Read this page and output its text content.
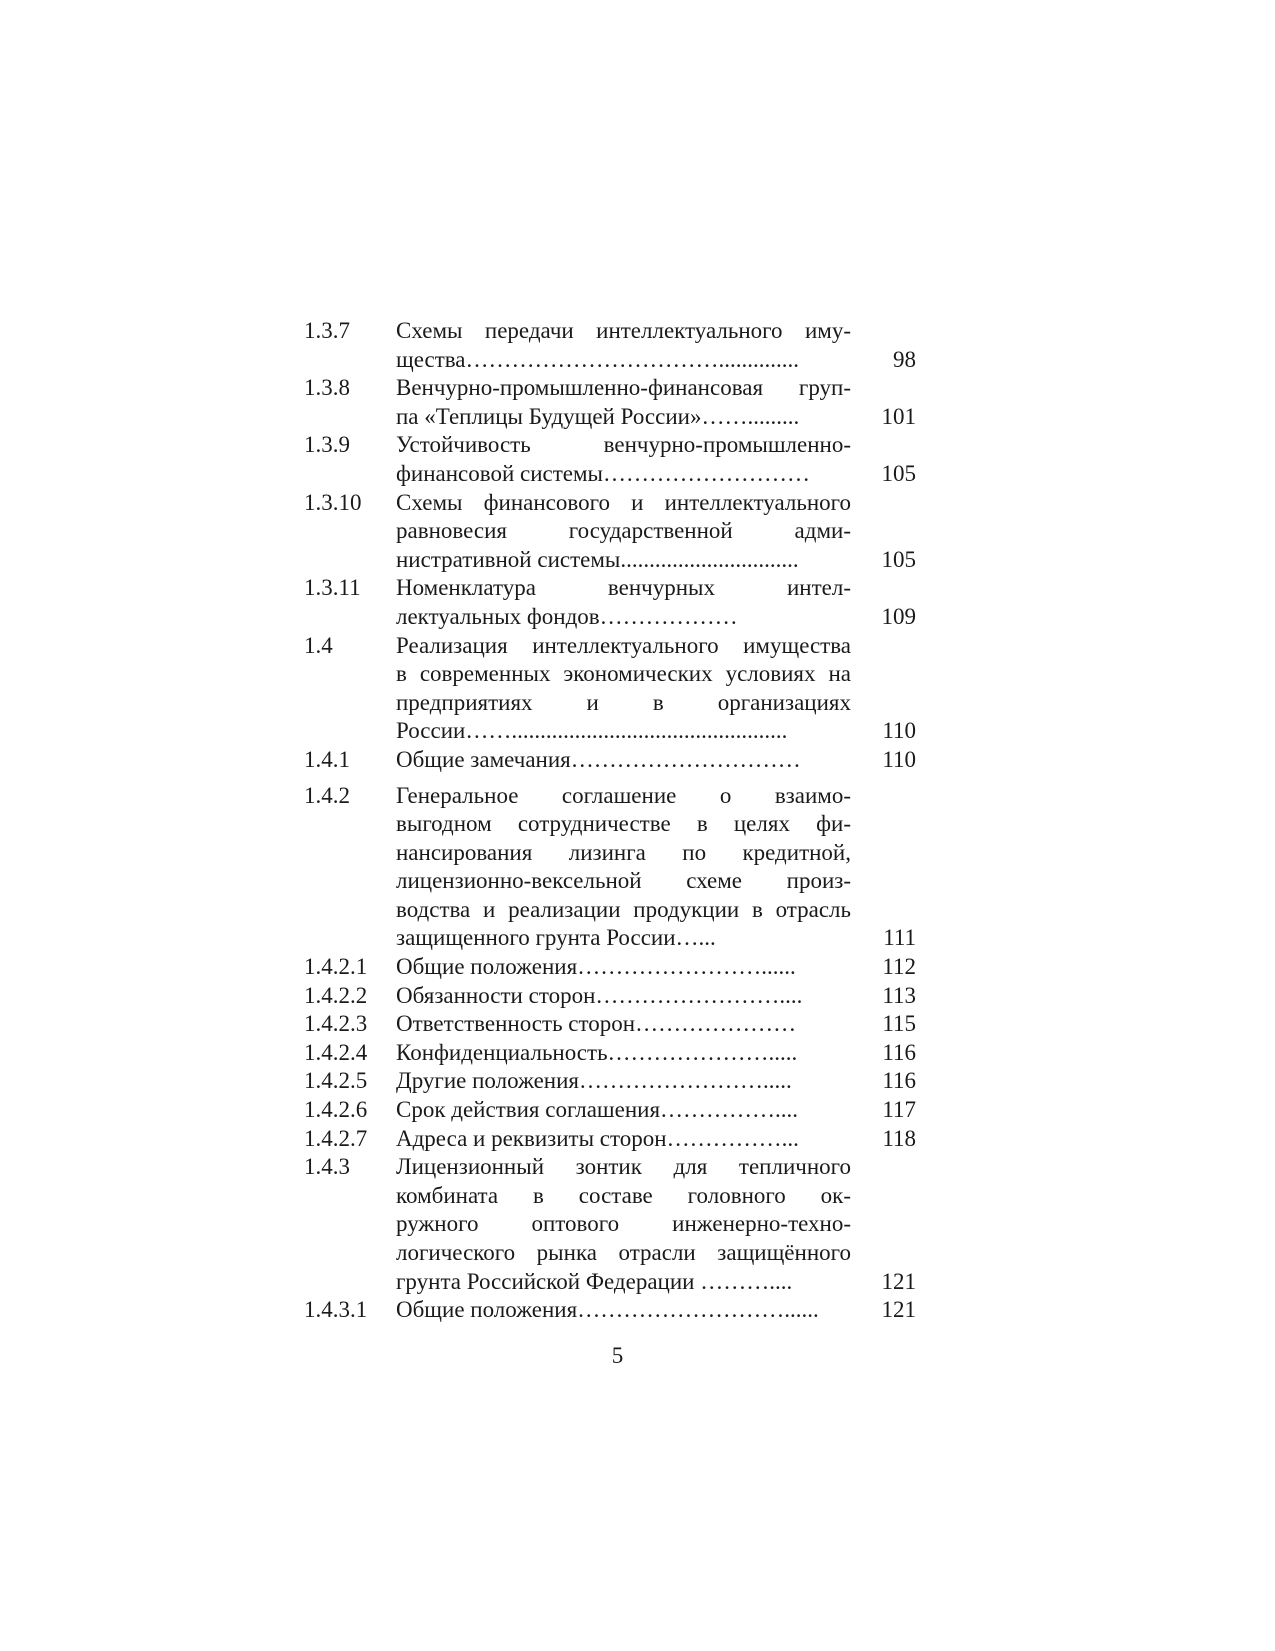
1.3.7	Схемы передачи интеллектуального иму-
щества……………………………..............	98
1.3.8	Венчурно-промышленно-финансовая груп-
па «Теплицы Будущей России»…….........	101
1.3.9	Устойчивость венчурно-промышленно-
финансовой системы………………………	105
1.3.10	Схемы финансового и интеллектуального
равновесия государственной адми-
нистративной системы...............................	105
1.3.11	Номенклатура венчурных интел-
лектуальных фондов………………	109
1.4	Реализация интеллектуального имущества
в современных экономических условиях на
предприятиях и в организациях
России……................................................	110
1.4.1	Общие замечания…………………………	110
1.4.2	Генеральное соглашение о взаимо-
выгодном сотрудничестве в целях фи-
нансирования лизинга по кредитной,
лицензионно-вексельной схеме произ-
водства и реализации продукции в отрасль
защищенного грунта России…...	111
1.4.2.1	Общие положения……………………......	112
1.4.2.2	Обязанности сторон……………………....	113
1.4.2.3	Ответственность сторон…………………	115
1.4.2.4	Конфиденциальность………………….....	116
1.4.2.5	Другие положения…………………….....	116
1.4.2.6	Срок действия соглашения……………....	117
1.4.2.7	Адреса и реквизиты сторон……………...	118
1.4.3	Лицензионный зонтик для тепличного
комбината в составе головного ок-
ружного оптового инженерно-техно-
логического рынка отрасли защищённого
грунта Российской Федерации ………....	121
1.4.3.1	Общие положения………………………......	121
5
